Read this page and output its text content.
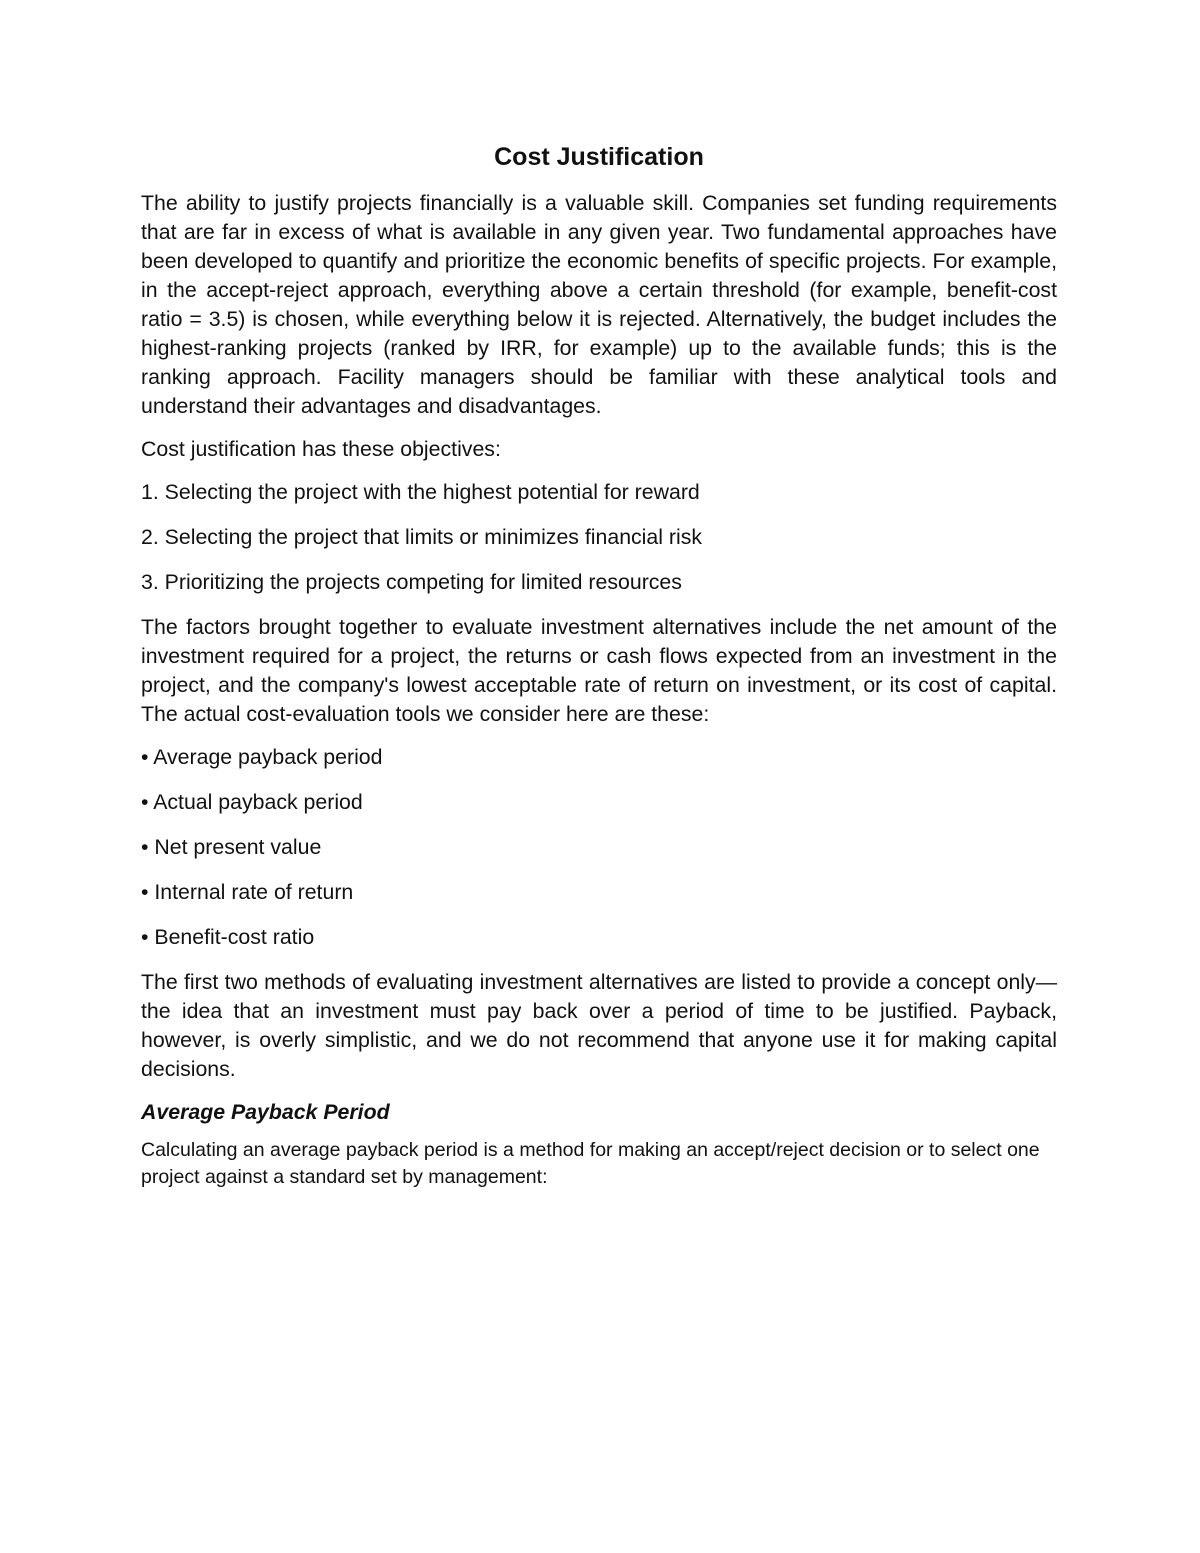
Cost Justification

The ability to justify projects financially is a valuable skill. Companies set funding requirements that are far in excess of what is available in any given year. Two fundamental approaches have been developed to quantify and prioritize the economic benefits of specific projects. For example, in the accept-reject approach, everything above a certain threshold (for example, benefit-cost ratio = 3.5) is chosen, while everything below it is rejected. Alternatively, the budget includes the highest-ranking projects (ranked by IRR, for example) up to the available funds; this is the ranking approach. Facility managers should be familiar with these analytical tools and understand their advantages and disadvantages.

Cost justification has these objectives:

1. Selecting the project with the highest potential for reward

2. Selecting the project that limits or minimizes financial risk

3. Prioritizing the projects competing for limited resources

The factors brought together to evaluate investment alternatives include the net amount of the investment required for a project, the returns or cash flows expected from an investment in the project, and the company's lowest acceptable rate of return on investment, or its cost of capital. The actual cost-evaluation tools we consider here are these:

• Average payback period

• Actual payback period

• Net present value

• Internal rate of return

• Benefit-cost ratio

The first two methods of evaluating investment alternatives are listed to provide a concept only—the idea that an investment must pay back over a period of time to be justified. Payback, however, is overly simplistic, and we do not recommend that anyone use it for making capital decisions.

Average Payback Period

Calculating an average payback period is a method for making an accept/reject decision or to select one project against a standard set by management:
